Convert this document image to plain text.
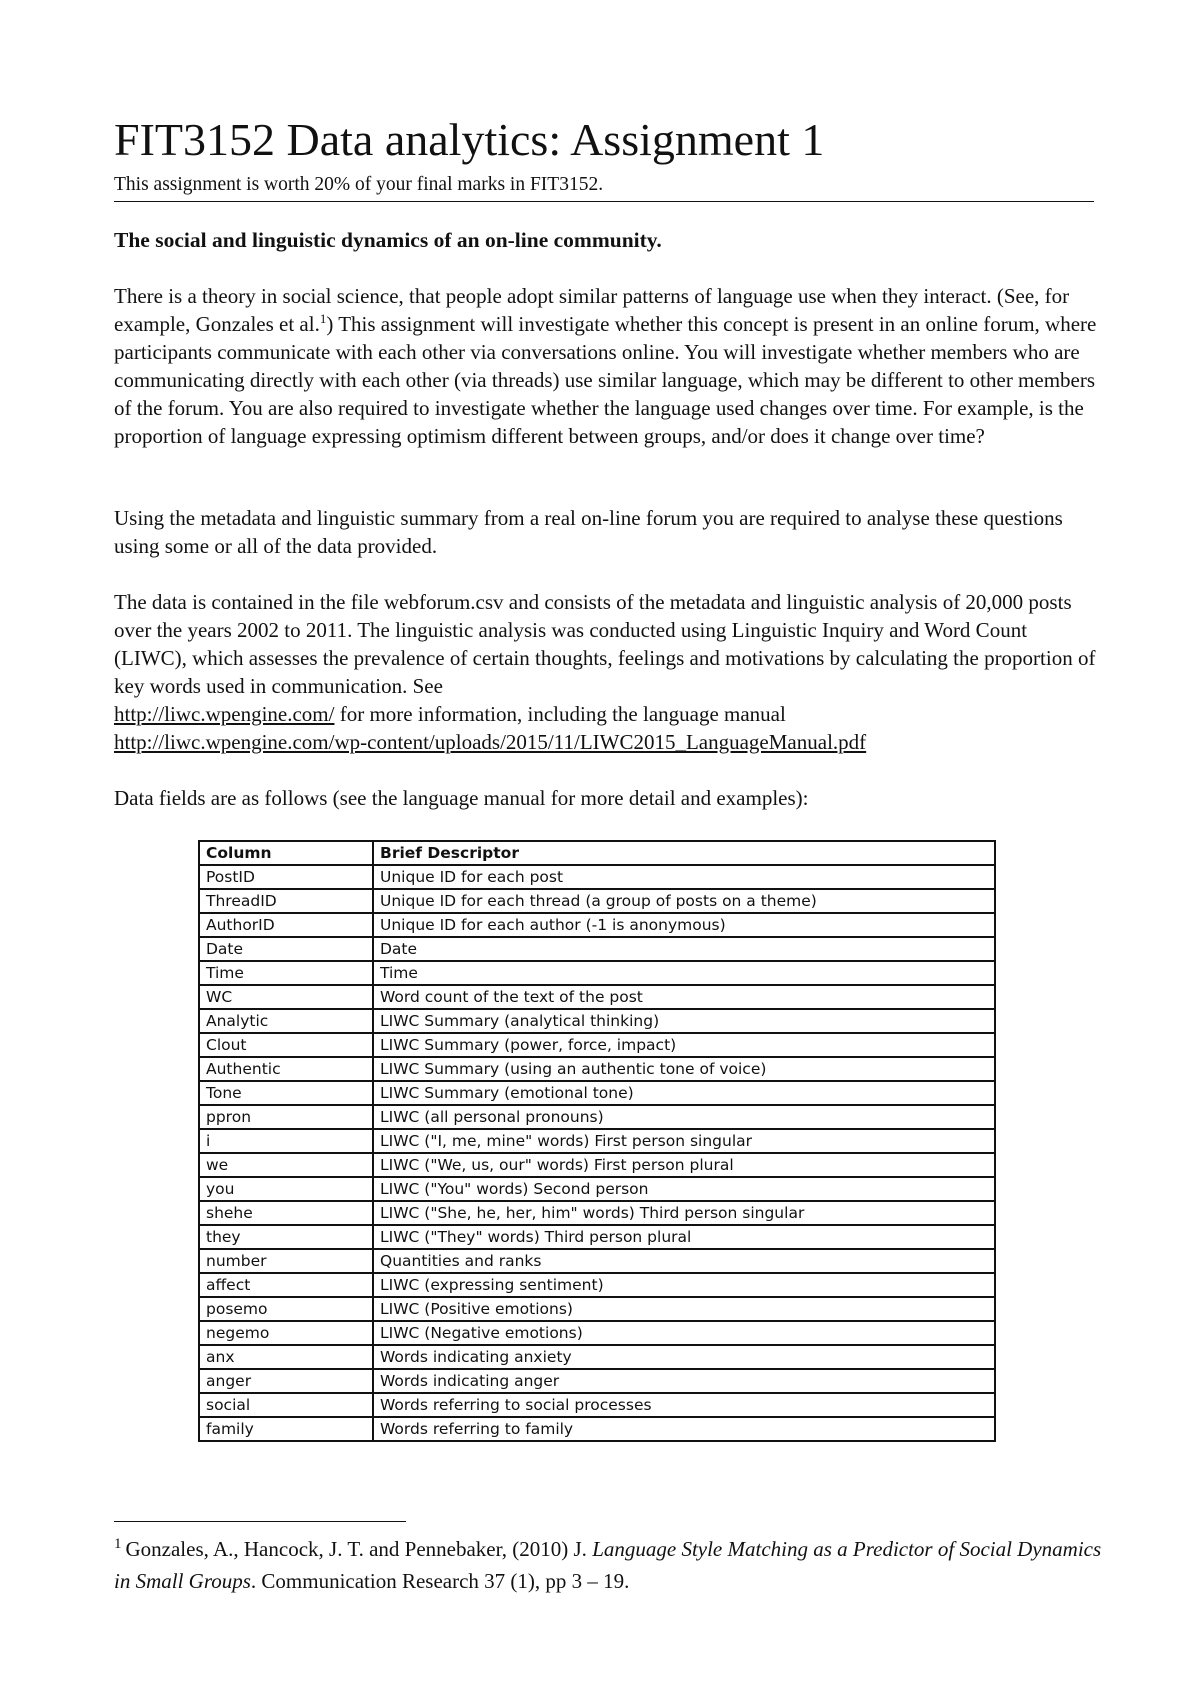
FIT3152 Data analytics: Assignment 1
This assignment is worth 20% of your final marks in FIT3152.
The social and linguistic dynamics of an on-line community.

There is a theory in social science, that people adopt similar patterns of language use when they interact. (See, for example, Gonzales et al.$^1$) This assignment will investigate whether this concept is present in an online forum, where participants communicate with each other via conversations online. You will investigate whether members who are communicating directly with each other (via threads) use similar language, which may be different to other members of the forum. You are also required to investigate whether the language used changes over time. For example, is the proportion of language expressing optimism different between groups, and/or does it change over time?

Using the metadata and linguistic summary from a real on-line forum you are required to analyse these questions using some or all of the data provided.

The data is contained in the file webforum.csv and consists of the metadata and linguistic analysis of 20,000 posts over the years 2002 to 2011. The linguistic analysis was conducted using Linguistic Inquiry and Word Count (LIWC), which assesses the prevalence of certain thoughts, feelings and motivations by calculating the proportion of key words used in communication. See
http://liwc.wpengine.com/ for more information, including the language manual
http://liwc.wpengine.com/wp-content/uploads/2015/11/LIWC2015_LanguageManual.pdf

Data fields are as follows (see the language manual for more detail and examples):

Column	Brief Descriptor
PostID	Unique ID for each post
ThreadID	Unique ID for each thread (a group of posts on a theme)
AuthorID	Unique ID for each author (-1 is anonymous)
Date	Date
Time	Time
WC	Word count of the text of the post
Analytic	LIWC Summary (analytical thinking)
Clout	LIWC Summary (power, force, impact)
Authentic	LIWC Summary (using an authentic tone of voice)
Tone	LIWC Summary (emotional tone)
ppron	LIWC (all personal pronouns)
i	LIWC ("I, me, mine" words) First person singular
we	LIWC ("We, us, our" words) First person plural
you	LIWC ("You" words) Second person
shehe	LIWC ("She, he, her, him" words) Third person singular
they	LIWC ("They" words) Third person plural
number	Quantities and ranks
affect	LIWC (expressing sentiment)
posemo	LIWC (Positive emotions)
negemo	LIWC (Negative emotions)
anx	Words indicating anxiety
anger	Words indicating anger
social	Words referring to social processes
family	Words referring to family

$^1$ Gonzales, A., Hancock, J. T. and Pennebaker, (2010) J. Language Style Matching as a Predictor of Social Dynamics in Small Groups. Communication Research 37 (1), pp 3 – 19.
